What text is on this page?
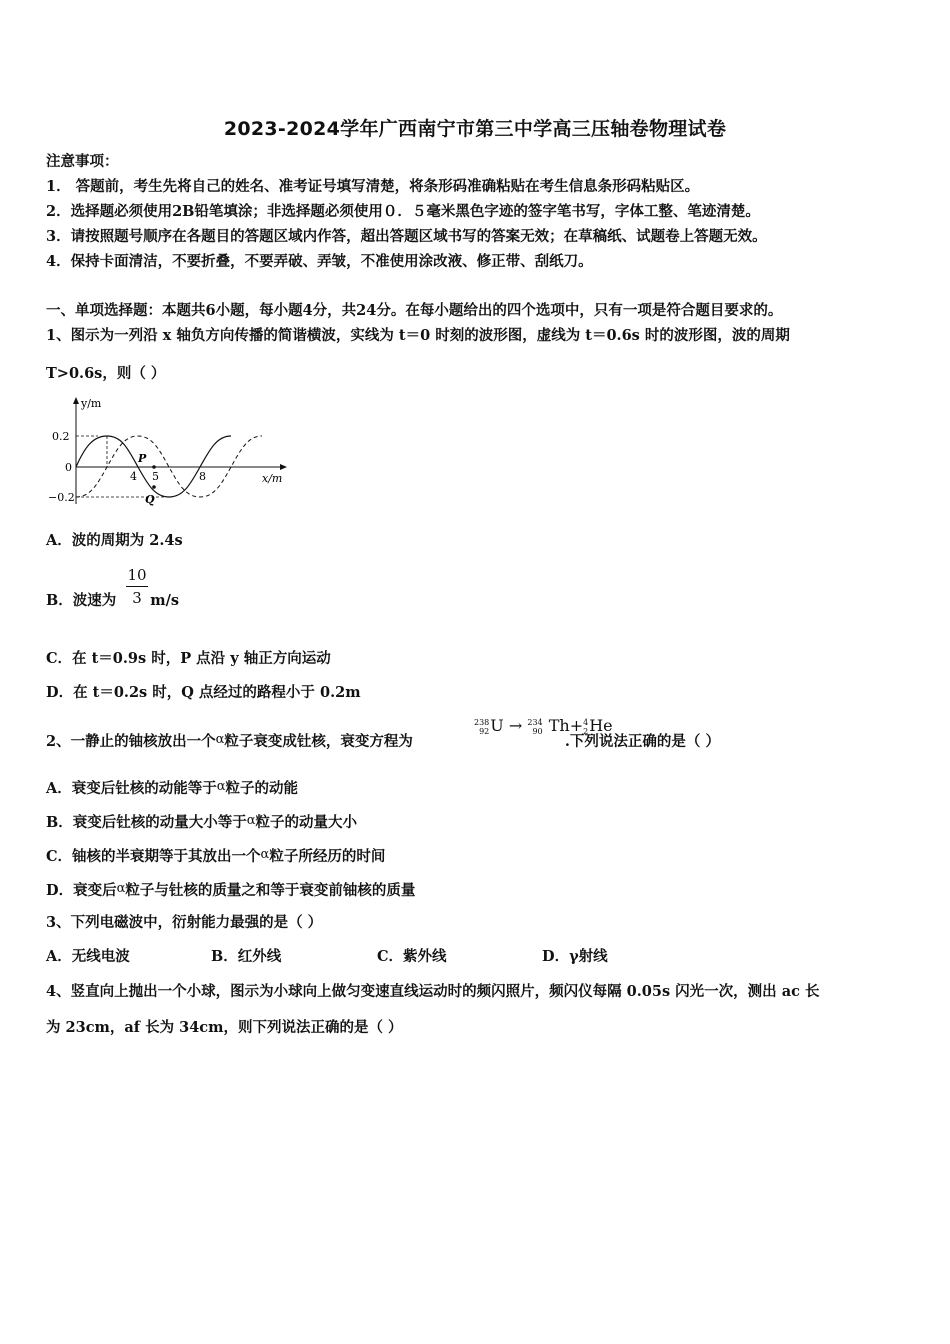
2023-2024学年广西南宁市第三中学高三压轴卷物理试卷
注意事项：
1． 答题前，考生先将自己的姓名、准考证号填写清楚，将条形码准确粘贴在考生信息条形码粘贴区。
2．选择题必须使用2B铅笔填涂；非选择题必须使用０．５毫米黑色字迹的签字笔书写，字体工整、笔迹清楚。
3．请按照题号顺序在各题目的答题区域内作答，超出答题区域书写的答案无效；在草稿纸、试题卷上答题无效。
4．保持卡面清洁，不要折叠，不要弄破、弄皱，不准使用涂改液、修正带、刮纸刀。
一、单项选择题：本题共6小题，每小题4分，共24分。在每小题给出的四个选项中，只有一项是符合题目要求的。
1、图示为一列沿 x 轴负方向传播的简谐横波，实线为 t＝0 时刻的波形图，虚线为 t＝0.6s 时的波形图，波的周期
T>0.6s，则（ ）
y/m
x/m
0.2
0
−0.2
4 5	8
P
Q
A．波的周期为 2.4s
B．波速为 m/s
$\frac{10}{3}$
C．在 t＝0.9s 时，P 点沿 y 轴正方向运动
D．在 t＝0.2s 时，Q 点经过的路程小于 0.2m
2、一静止的铀核放出一个α粒子衰变成钍核，衰变方程为	.下列说法正确的是（ ）
238
92U → 234
90 Th+4
2He
A．衰变后钍核的动能等于α粒子的动能
B．衰变后钍核的动量大小等于α粒子的动量大小
C．铀核的半衰期等于其放出一个α粒子所经历的时间
D．衰变后α粒子与钍核的质量之和等于衰变前铀核的质量
3、下列电磁波中，衍射能力最强的是（ ）
A．无线电波	B．红外线	C．紫外线	D．γ射线
4、竖直向上抛出一个小球，图示为小球向上做匀变速直线运动时的频闪照片，频闪仪每隔 0.05s 闪光一次，测出 ac 长
为 23cm，af 长为 34cm，则下列说法正确的是（ ）
